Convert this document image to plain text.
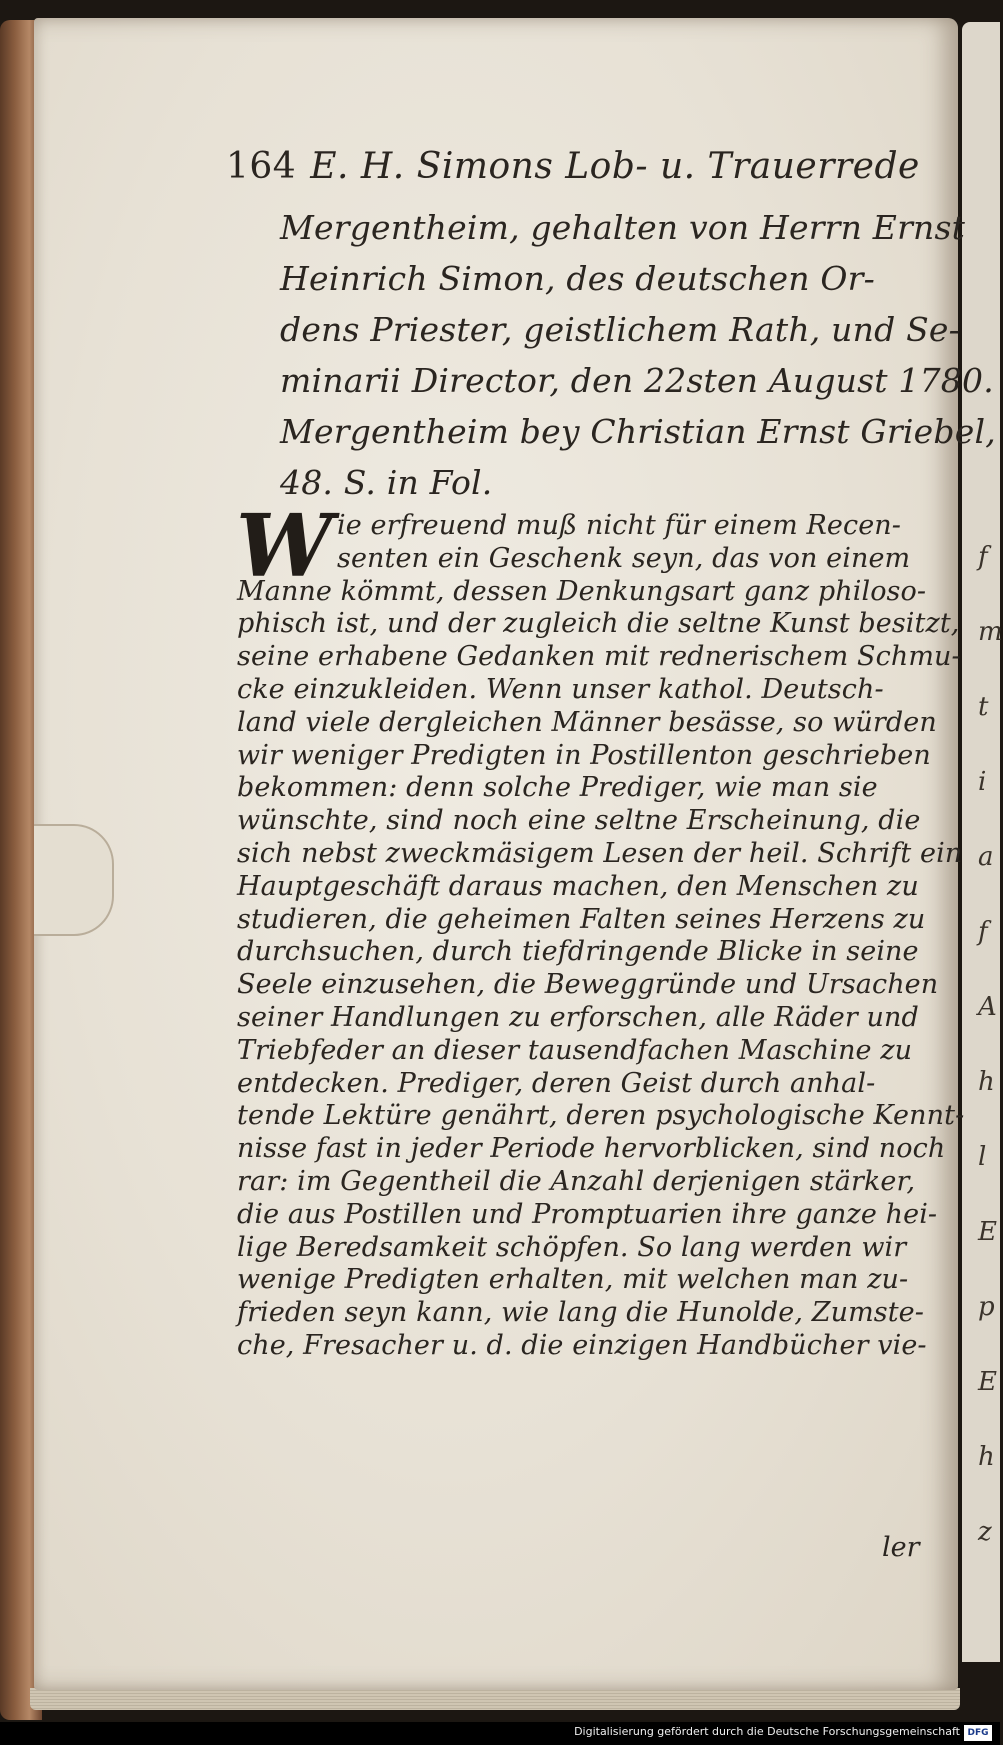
f
m
t
i
a
f
A
h
l
E
p
E
h
z
164 E. H. Simons Lob- u. Trauerrede
Mergentheim, gehalten von Herrn Ernst
Heinrich Simon, des deutschen Or-
dens Priester, geistlichem Rath, und Se-
minarii Director, den 22sten August 1780.
Mergentheim bey Christian Ernst Griebel,
48. S. in Fol.
W ie erfreuend muß nicht für einem Recen-
senten ein Geschenk seyn, das von einem
Manne kömmt, dessen Denkungsart ganz philoso-
phisch ist, und der zugleich die seltne Kunst besitzt,
seine erhabene Gedanken mit rednerischem Schmu-
cke einzukleiden. Wenn unser kathol. Deutsch-
land viele dergleichen Männer besässe, so würden
wir weniger Predigten in Postillenton geschrieben
bekommen: denn solche Prediger, wie man sie
wünschte, sind noch eine seltne Erscheinung, die
sich nebst zweckmäsigem Lesen der heil. Schrift ein
Hauptgeschäft daraus machen, den Menschen zu
studieren, die geheimen Falten seines Herzens zu
durchsuchen, durch tiefdringende Blicke in seine
Seele einzusehen, die Beweggründe und Ursachen
seiner Handlungen zu erforschen, alle Räder und
Triebfeder an dieser tausendfachen Maschine zu
entdecken. Prediger, deren Geist durch anhal-
tende Lektüre genährt, deren psychologische Kennt-
nisse fast in jeder Periode hervorblicken, sind noch
rar: im Gegentheil die Anzahl derjenigen stärker,
die aus Postillen und Promptuarien ihre ganze hei-
lige Beredsamkeit schöpfen. So lang werden wir
wenige Predigten erhalten, mit welchen man zu-
frieden seyn kann, wie lang die Hunolde, Zumste-
che, Fresacher u. d. die einzigen Handbücher vie-
ler
Digitalisierung gefördert durch die Deutsche Forschungsgemeinschaft DFG
